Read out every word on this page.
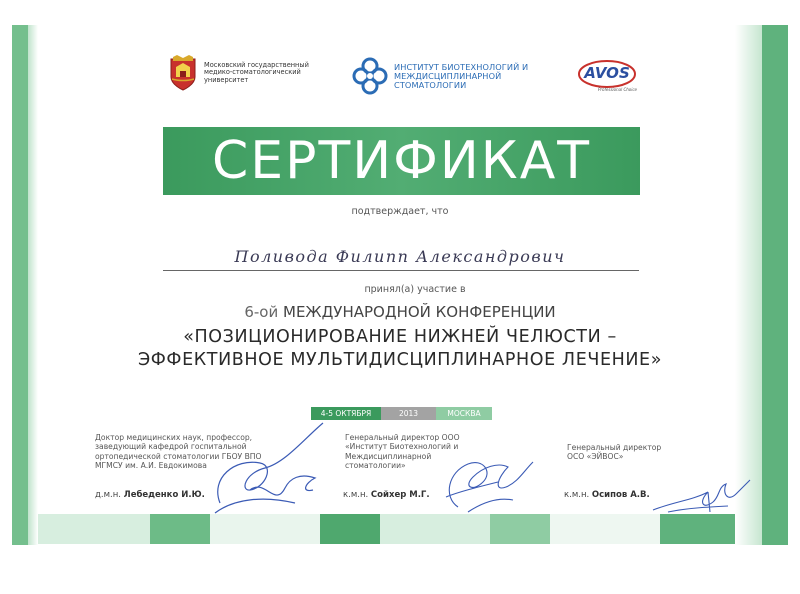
Московский государственный медико-стоматологический университет
ИНСТИТУТ БИОТЕХНОЛОГИЙ И МЕЖДИСЦИПЛИНАРНОЙ СТОМАТОЛОГИИ
AVOS
Professional Choice
СЕРТИФИКАТ
подтверждает, что
Поливода Филипп Александрович
принял(а) участие в
6-ой МЕЖДУНАРОДНОЙ КОНФЕРЕНЦИИ
«ПОЗИЦИОНИРОВАНИЕ НИЖНЕЙ ЧЕЛЮСТИ –
ЭФФЕКТИВНОЕ МУЛЬТИДИСЦИПЛИНАРНОЕ ЛЕЧЕНИЕ»
4-5 ОКТЯБРЯ	2013	МОСКВА
Доктор медицинских наук, профессор, заведующий кафедрой госпитальной ортопедической стоматологии ГБОУ ВПО МГМСУ им. А.И. Евдокимова
д.м.н. Лебеденко И.Ю.
Генеральный директор ООО «Институт Биотехнологий и Междисциплинарной стоматологии»
к.м.н. Сойхер М.Г.
Генеральный директор ОСО «ЭЙВОС»
к.м.н. Осипов А.В.
